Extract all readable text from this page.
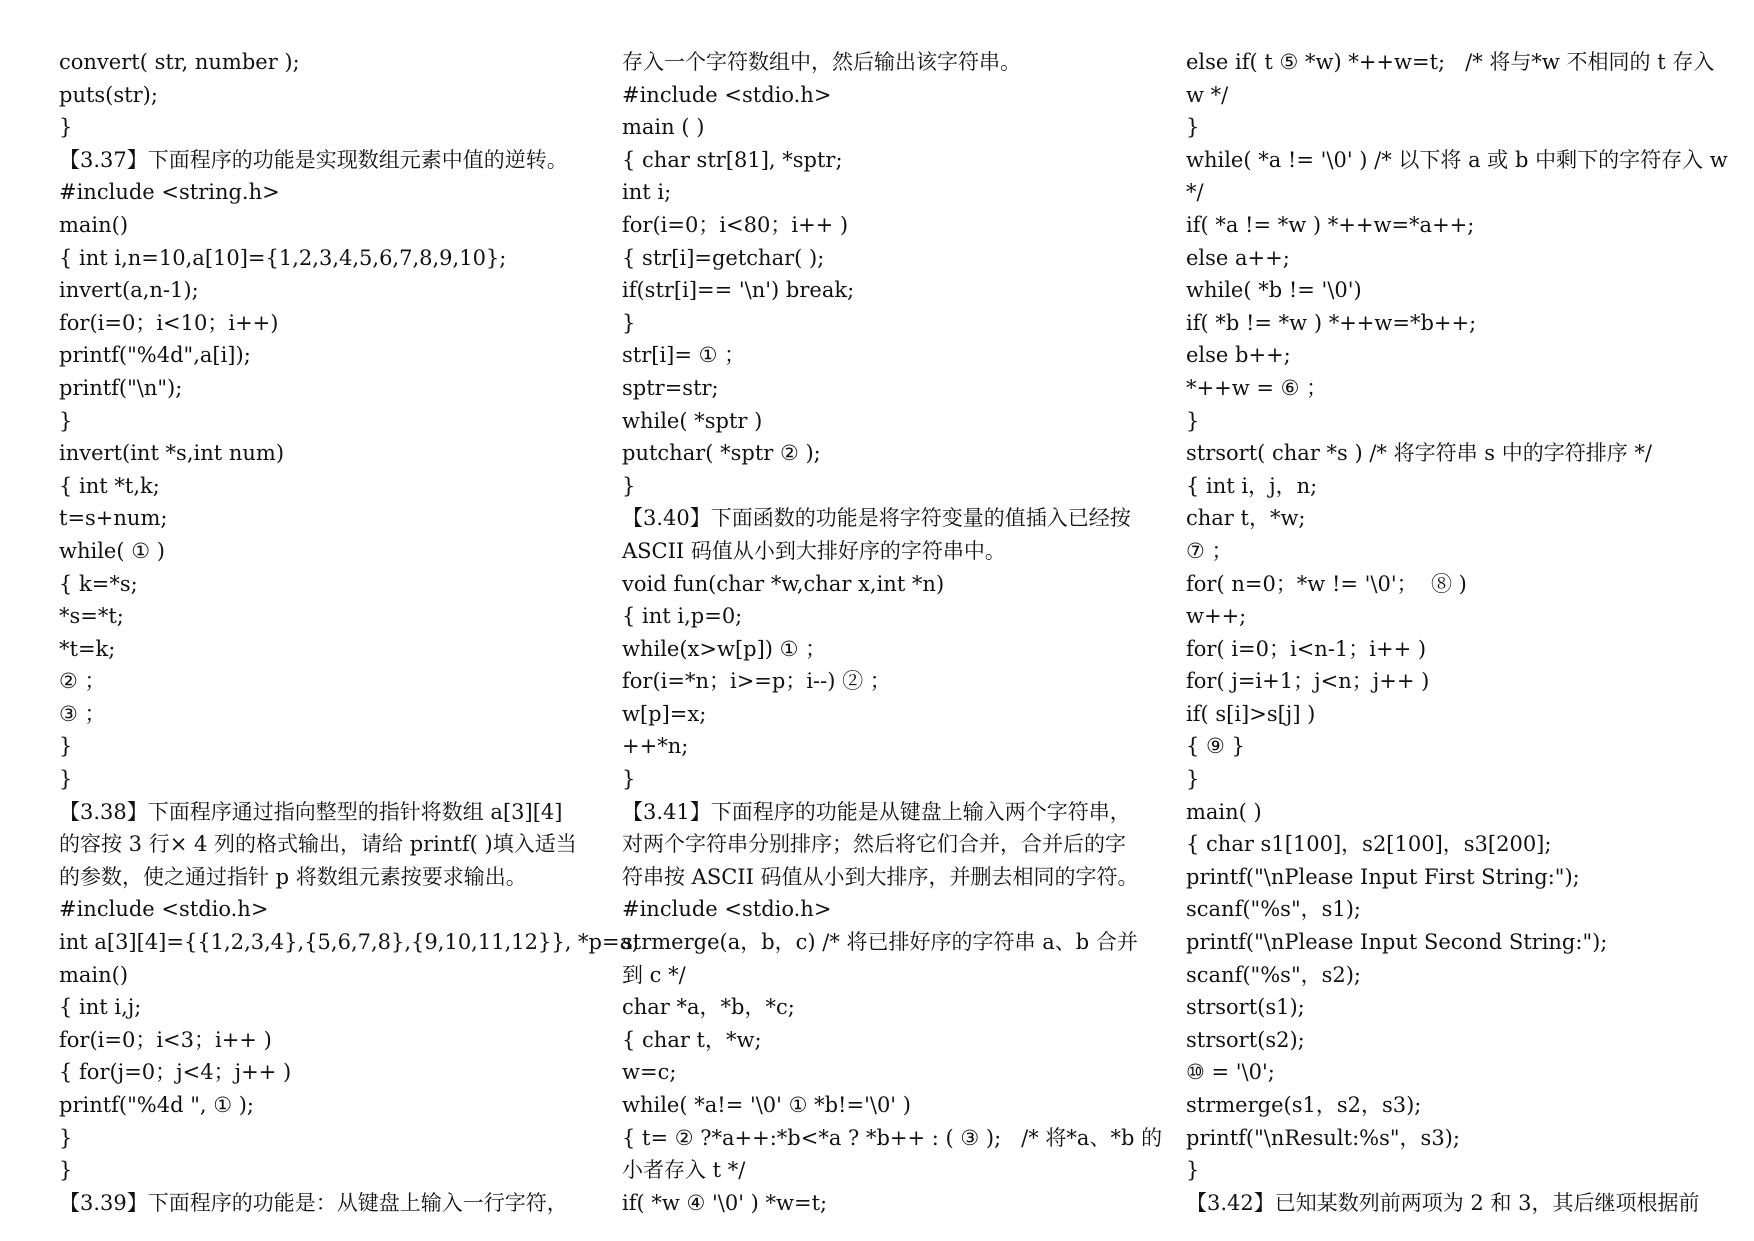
convert( str, number );
puts(str);
}
【3.37】下面程序的功能是实现数组元素中值的逆转。
#include <string.h>
main()
{ int i,n=10,a[10]={1,2,3,4,5,6,7,8,9,10};
invert(a,n-1);
for(i=0；i<10；i++)
printf("%4d",a[i]);
printf("\n");
}
invert(int *s,int num)
{ int *t,k;
t=s+num;
while( ① )
{ k=*s;
*s=*t;
*t=k;
② ；
③ ；
}
}
【3.38】下面程序通过指向整型的指针将数组 a[3][4]
的容按 3 行× 4 列的格式输出，请给 printf( )填入适当
的参数，使之通过指针 p 将数组元素按要求输出。
#include <stdio.h>
int a[3][4]={{1,2,3,4},{5,6,7,8},{9,10,11,12}}, *p=a;
main()
{ int i,j;
for(i=0；i<3；i++ )
{ for(j=0；j<4；j++ )
printf("%4d ", ① );
}
}
【3.39】下面程序的功能是：从键盘上输入一行字符，
存入一个字符数组中，然后输出该字符串。
#include <stdio.h>
main ( )
{ char str[81], *sptr;
int i;
for(i=0；i<80；i++ )
{ str[i]=getchar( );
if(str[i]== '\n') break;
}
str[i]= ① ；
sptr=str;
while( *sptr )
putchar( *sptr ② );
}
【3.40】下面函数的功能是将字符变量的值插入已经按
ASCII 码值从小到大排好序的字符串中。
void fun(char *w,char x,int *n)
{ int i,p=0;
while(x>w[p]) ① ；
for(i=*n；i>=p；i--) ② ；
w[p]=x;
++*n;
}
【3.41】下面程序的功能是从键盘上输入两个字符串，
对两个字符串分别排序；然后将它们合并，合并后的字
符串按 ASCII 码值从小到大排序，并删去相同的字符。
#include <stdio.h>
strmerge(a，b，c) /* 将已排好序的字符串 a、b 合并
到 c */
char *a，*b，*c;
{ char t，*w;
w=c;
while( *a!= '\0' ① *b!='\0' )
{ t= ② ?*a++:*b<*a ? *b++ : ( ③ );   /* 将*a、*b 的
小者存入 t */
if( *w ④ '\0' ) *w=t;
else if( t ⑤ *w) *++w=t;   /* 将与*w 不相同的 t 存入
w */
}
while( *a != '\0' ) /* 以下将 a 或 b 中剩下的字符存入 w
*/
if( *a != *w ) *++w=*a++;
else a++;
while( *b != '\0')
if( *b != *w ) *++w=*b++;
else b++;
*++w = ⑥ ；
}
strsort( char *s ) /* 将字符串 s 中的字符排序 */
{ int i，j，n;
char t，*w;
⑦ ；
for( n=0；*w != '\0'；  ⑧ )
w++;
for( i=0；i<n-1；i++ )
for( j=i+1；j<n；j++ )
if( s[i]>s[j] )
{ ⑨ }
}
main( )
{ char s1[100]，s2[100]，s3[200];
printf("\nPlease Input First String:");
scanf("%s"，s1);
printf("\nPlease Input Second String:");
scanf("%s"，s2);
strsort(s1);
strsort(s2);
⑩ = '\0';
strmerge(s1，s2，s3);
printf("\nResult:%s"，s3);
}
【3.42】已知某数列前两项为 2 和 3，其后继项根据前
